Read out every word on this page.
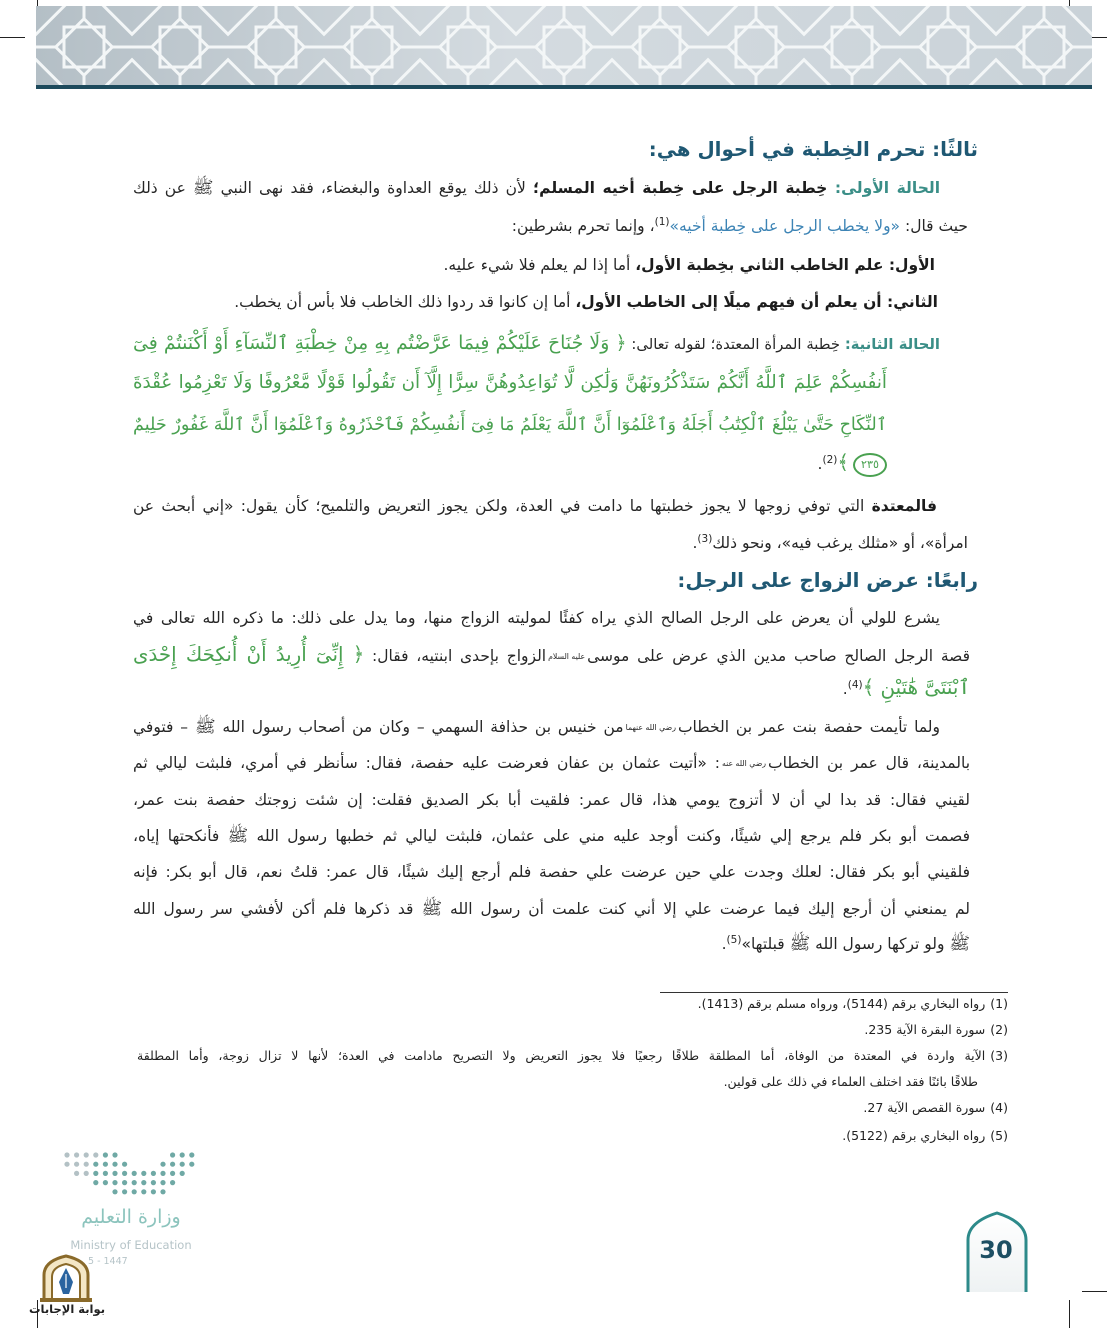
ثالثًا: تحرم الخِطبة في أحوال هي:
الحالة الأولى: خِطبة الرجل على خِطبة أخيه المسلم؛ لأن ذلك يوقع العداوة والبغضاء، فقد نهى النبي ﷺ عن ذلك
حيث قال: «ولا يخطب الرجل على خِطبة أخيه»$^{(1)}$، وإنما تحرم بشرطين:
الأول: علم الخاطب الثاني بخِطبة الأول، أما إذا لم يعلم فلا شيء عليه.
الثاني: أن يعلم أن فيهم ميلًا إلى الخاطب الأول، أما إن كانوا قد ردوا ذلك الخاطب فلا بأس أن يخطب.
الحالة الثانية: خِطبة المرأة المعتدة؛ لقوله تعالى: ﴿ وَلَا جُنَاحَ عَلَيْكُمْ فِيمَا عَرَّضْتُم بِهِ مِنْ خِطْبَةِ ٱلنِّسَآءِ أَوْ أَكْنَنتُمْ فِىٓ
أَنفُسِكُمْ عَلِمَ ٱللَّهُ أَنَّكُمْ سَتَذْكُرُونَهُنَّ وَلَٰكِن لَّا تُوَاعِدُوهُنَّ سِرًّا إِلَّآ أَن تَقُولُوا قَوْلًا مَّعْرُوفًا وَلَا تَعْزِمُوا عُقْدَةَ
ٱلنِّكَاحِ حَتَّىٰ يَبْلُغَ ٱلْكِتَٰبُ أَجَلَهُ وَٱعْلَمُوٓا أَنَّ ٱللَّهَ يَعْلَمُ مَا فِىٓ أَنفُسِكُمْ فَٱحْذَرُوهُ وَٱعْلَمُوٓا أَنَّ ٱللَّهَ غَفُورٌ حَلِيمٌ
٢٣٥﴾$^{(2)}$.
فالمعتدة التي توفي زوجها لا يجوز خطبتها ما دامت في العدة، ولكن يجوز التعريض والتلميح؛ كأن يقول: «إني أبحث عن
امرأة»، أو «مثلك يرغب فيه»، ونحو ذلك$^{(3)}$.
رابعًا: عرض الزواج على الرجل:
يشرع للولي أن يعرض على الرجل الصالح الذي يراه كفئًا لموليته الزواج منها، وما يدل على ذلك: ما ذكره الله تعالى في
قصة الرجل الصالح صاحب مدين الذي عرض على موسىعليه السلامالزواج بإحدى ابنتيه، فقال: ﴿ إِنِّىٓ أُرِيدُ أَنْ أُنكِحَكَ إِحْدَى
ٱبْنَتَىَّ هَٰتَيْنِ ﴾$^{(4)}$.
ولما تأيمت حفصة بنت عمر بن الخطابرضي الله عنهمامن خنيس بن حذافة السهمي – وكان من أصحاب رسول الله ﷺ – فتوفي
بالمدينة، قال عمر بن الخطابرضي الله عنه: «أتيت عثمان بن عفان فعرضت عليه حفصة، فقال: سأنظر في أمري، فلبثت ليالي ثم
لقيني فقال: قد بدا لي أن لا أتزوج يومي هذا، قال عمر: فلقيت أبا بكر الصديق فقلت: إن شئت زوجتك حفصة بنت عمر،
فصمت أبو بكر فلم يرجع إلي شيئًا، وكنت أوجد عليه مني على عثمان، فلبثت ليالي ثم خطبها رسول الله ﷺ فأنكحتها إياه،
فلقيني أبو بكر فقال: لعلك وجدت علي حين عرضت علي حفصة فلم أرجع إليك شيئًا، قال عمر: قلتُ نعم، قال أبو بكر: فإنه
لم يمنعني أن أرجع إليك فيما عرضت علي إلا أني كنت علمت أن رسول الله ﷺ قد ذكرها فلم أكن لأفشي سر رسول الله
ﷺ ولو تركها رسول الله ﷺ قبلتها»$^{(5)}$.
(1)رواه البخاري برقم (5144)، ورواه مسلم برقم (1413).
(2)سورة البقرة الآية 235.
(3)الآية واردة في المعتدة من الوفاة، أما المطلقة طلاقًا رجعيًا فلا يجوز التعريض ولا التصريح مادامت في العدة؛ لأنها لا تزال زوجة، وأما المطلقة
طلاقًا بائنًا فقد اختلف العلماء في ذلك على قولين.
(4)سورة القصص الآية 27.
(5)رواه البخاري برقم (5122).
وزارة التعليم
Ministry of Education
5 - 1447
بوابة الإجابات
30
